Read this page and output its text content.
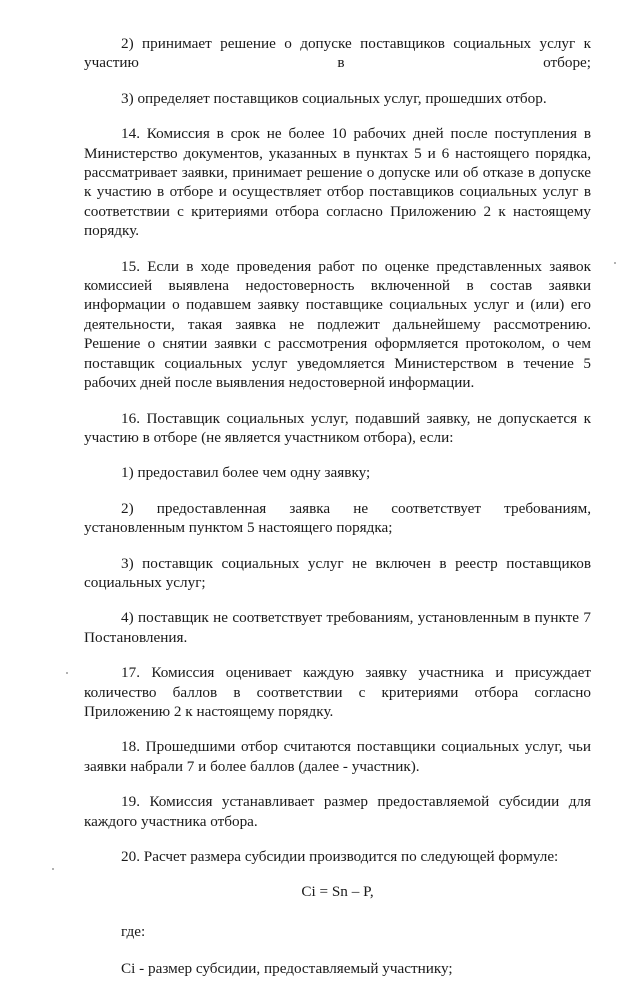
2) принимает решение о допуске поставщиков социальных услуг к участию в отборе;

3) определяет поставщиков социальных услуг, прошедших отбор.

14. Комиссия в срок не более 10 рабочих дней после поступления в Министерство документов, указанных в пунктах 5 и 6 настоящего порядка, рассматривает заявки, принимает решение о допуске или об отказе в допуске к участию в отборе и осуществляет отбор поставщиков социальных услуг в соответствии с критериями отбора согласно Приложению 2 к настоящему порядку.

15. Если в ходе проведения работ по оценке представленных заявок комиссией выявлена недостоверность включенной в состав заявки информации о подавшем заявку поставщике социальных услуг и (или) его деятельности, такая заявка не подлежит дальнейшему рассмотрению. Решение о снятии заявки с рассмотрения оформляется протоколом, о чем поставщик социальных услуг уведомляется Министерством в течение 5 рабочих дней после выявления недостоверной информации.

16. Поставщик социальных услуг, подавший заявку, не допускается к участию в отборе (не является участником отбора), если:

1) предоставил более чем одну заявку;

2) предоставленная заявка не соответствует требованиям, установленным пунктом 5 настоящего порядка;

3) поставщик социальных услуг не включен в реестр поставщиков социальных услуг;

4) поставщик не соответствует требованиям, установленным в пункте 7 Постановления.

17. Комиссия оценивает каждую заявку участника и присуждает количество баллов в соответствии с критериями отбора согласно Приложению 2 к настоящему порядку.

18. Прошедшими отбор считаются поставщики социальных услуг, чьи заявки набрали 7 и более баллов (далее - участник).

19. Комиссия устанавливает размер предоставляемой субсидии для каждого участника отбора.

20. Расчет размера субсидии производится по следующей формуле:

Ci = Sn – P,

где:

Ci - размер субсидии, предоставляемый участнику;
